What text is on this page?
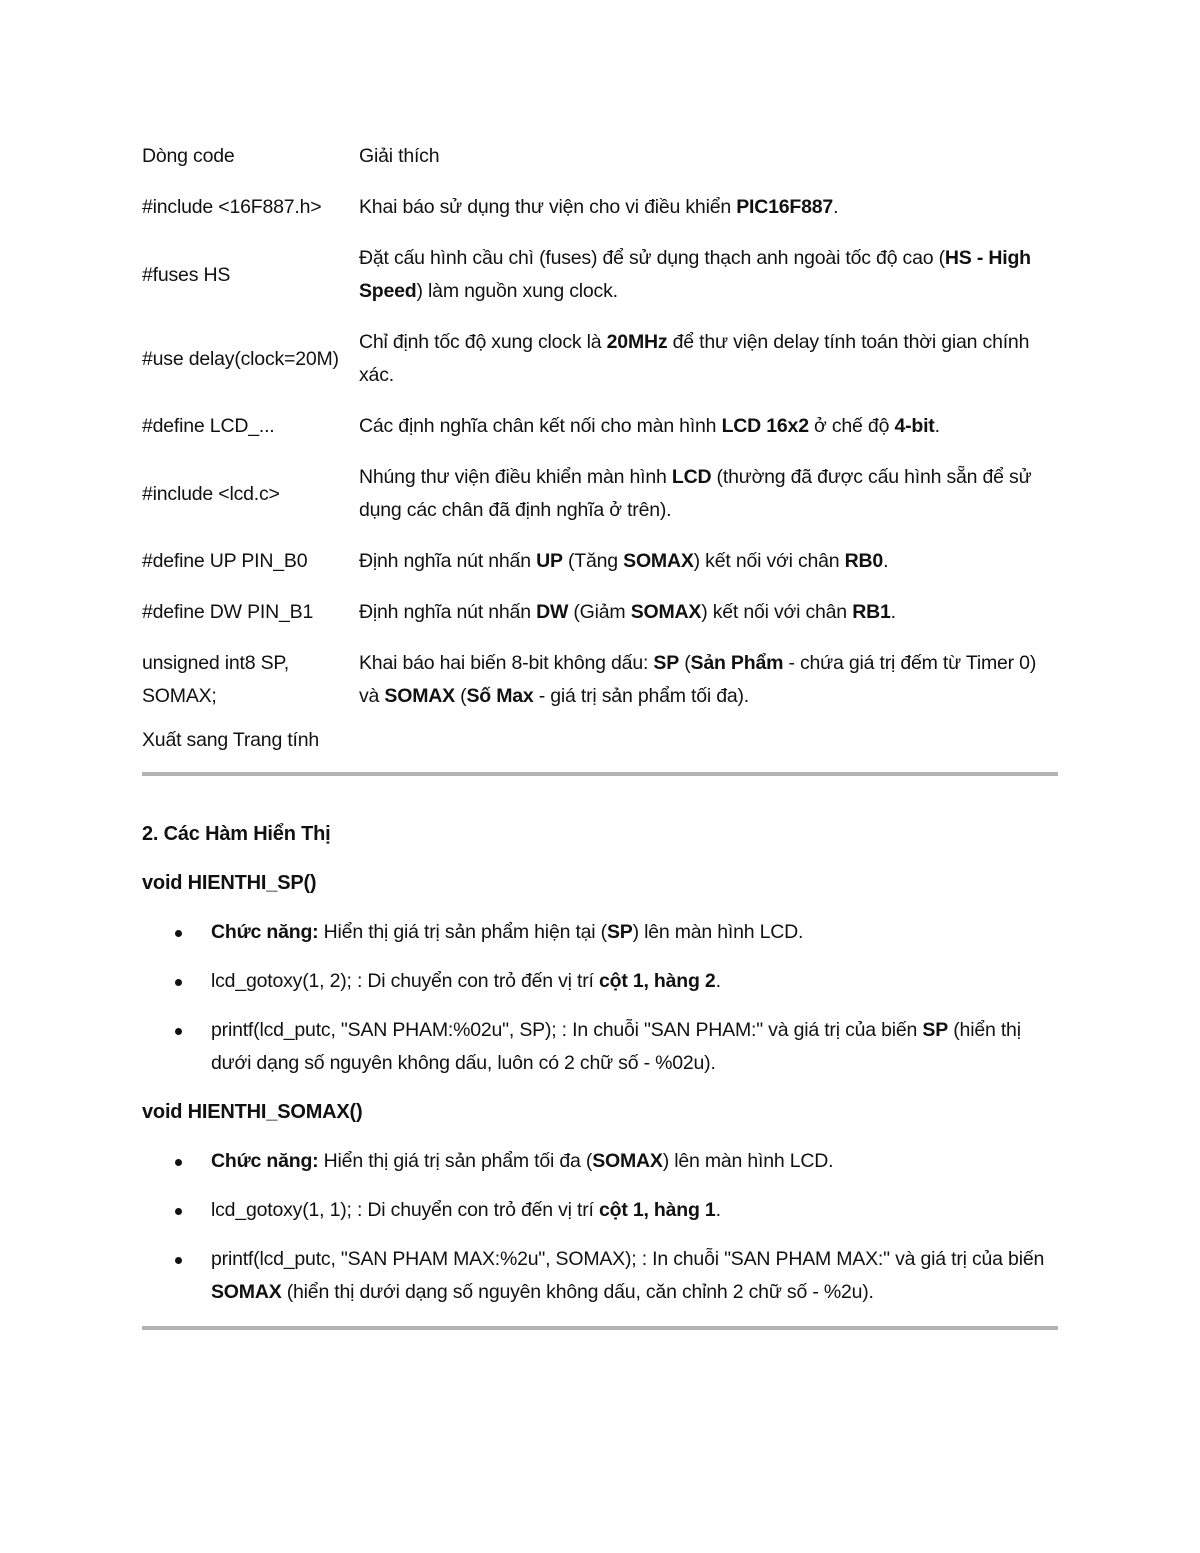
Dòng code	Giải thích
#include <16F887.h>	Khai báo sử dụng thư viện cho vi điều khiển PIC16F887.
#fuses HS	Đặt cấu hình cầu chì (fuses) để sử dụng thạch anh ngoài tốc độ cao (HS - High Speed) làm nguồn xung clock.
#use delay(clock=20M)	Chỉ định tốc độ xung clock là 20MHz để thư viện delay tính toán thời gian chính xác.
#define LCD_...	Các định nghĩa chân kết nối cho màn hình LCD 16x2 ở chế độ 4-bit.
#include <lcd.c>	Nhúng thư viện điều khiển màn hình LCD (thường đã được cấu hình sẵn để sử dụng các chân đã định nghĩa ở trên).
#define UP PIN_B0	Định nghĩa nút nhấn UP (Tăng SOMAX) kết nối với chân RB0.
#define DW PIN_B1	Định nghĩa nút nhấn DW (Giảm SOMAX) kết nối với chân RB1.
unsigned int8 SP, SOMAX;	Khai báo hai biến 8-bit không dấu: SP (Sản Phẩm - chứa giá trị đếm từ Timer 0) và SOMAX (Số Max - giá trị sản phẩm tối đa).
Xuất sang Trang tính
2. Các Hàm Hiển Thị
void HIENTHI_SP()
Chức năng: Hiển thị giá trị sản phẩm hiện tại (SP) lên màn hình LCD.
lcd_gotoxy(1, 2); : Di chuyển con trỏ đến vị trí cột 1, hàng 2.
printf(lcd_putc, "SAN PHAM:%02u", SP); : In chuỗi "SAN PHAM:" và giá trị của biến SP (hiển thị dưới dạng số nguyên không dấu, luôn có 2 chữ số - %02u).
void HIENTHI_SOMAX()
Chức năng: Hiển thị giá trị sản phẩm tối đa (SOMAX) lên màn hình LCD.
lcd_gotoxy(1, 1); : Di chuyển con trỏ đến vị trí cột 1, hàng 1.
printf(lcd_putc, "SAN PHAM MAX:%2u", SOMAX); : In chuỗi "SAN PHAM MAX:" và giá trị của biến SOMAX (hiển thị dưới dạng số nguyên không dấu, căn chỉnh 2 chữ số - %2u).
